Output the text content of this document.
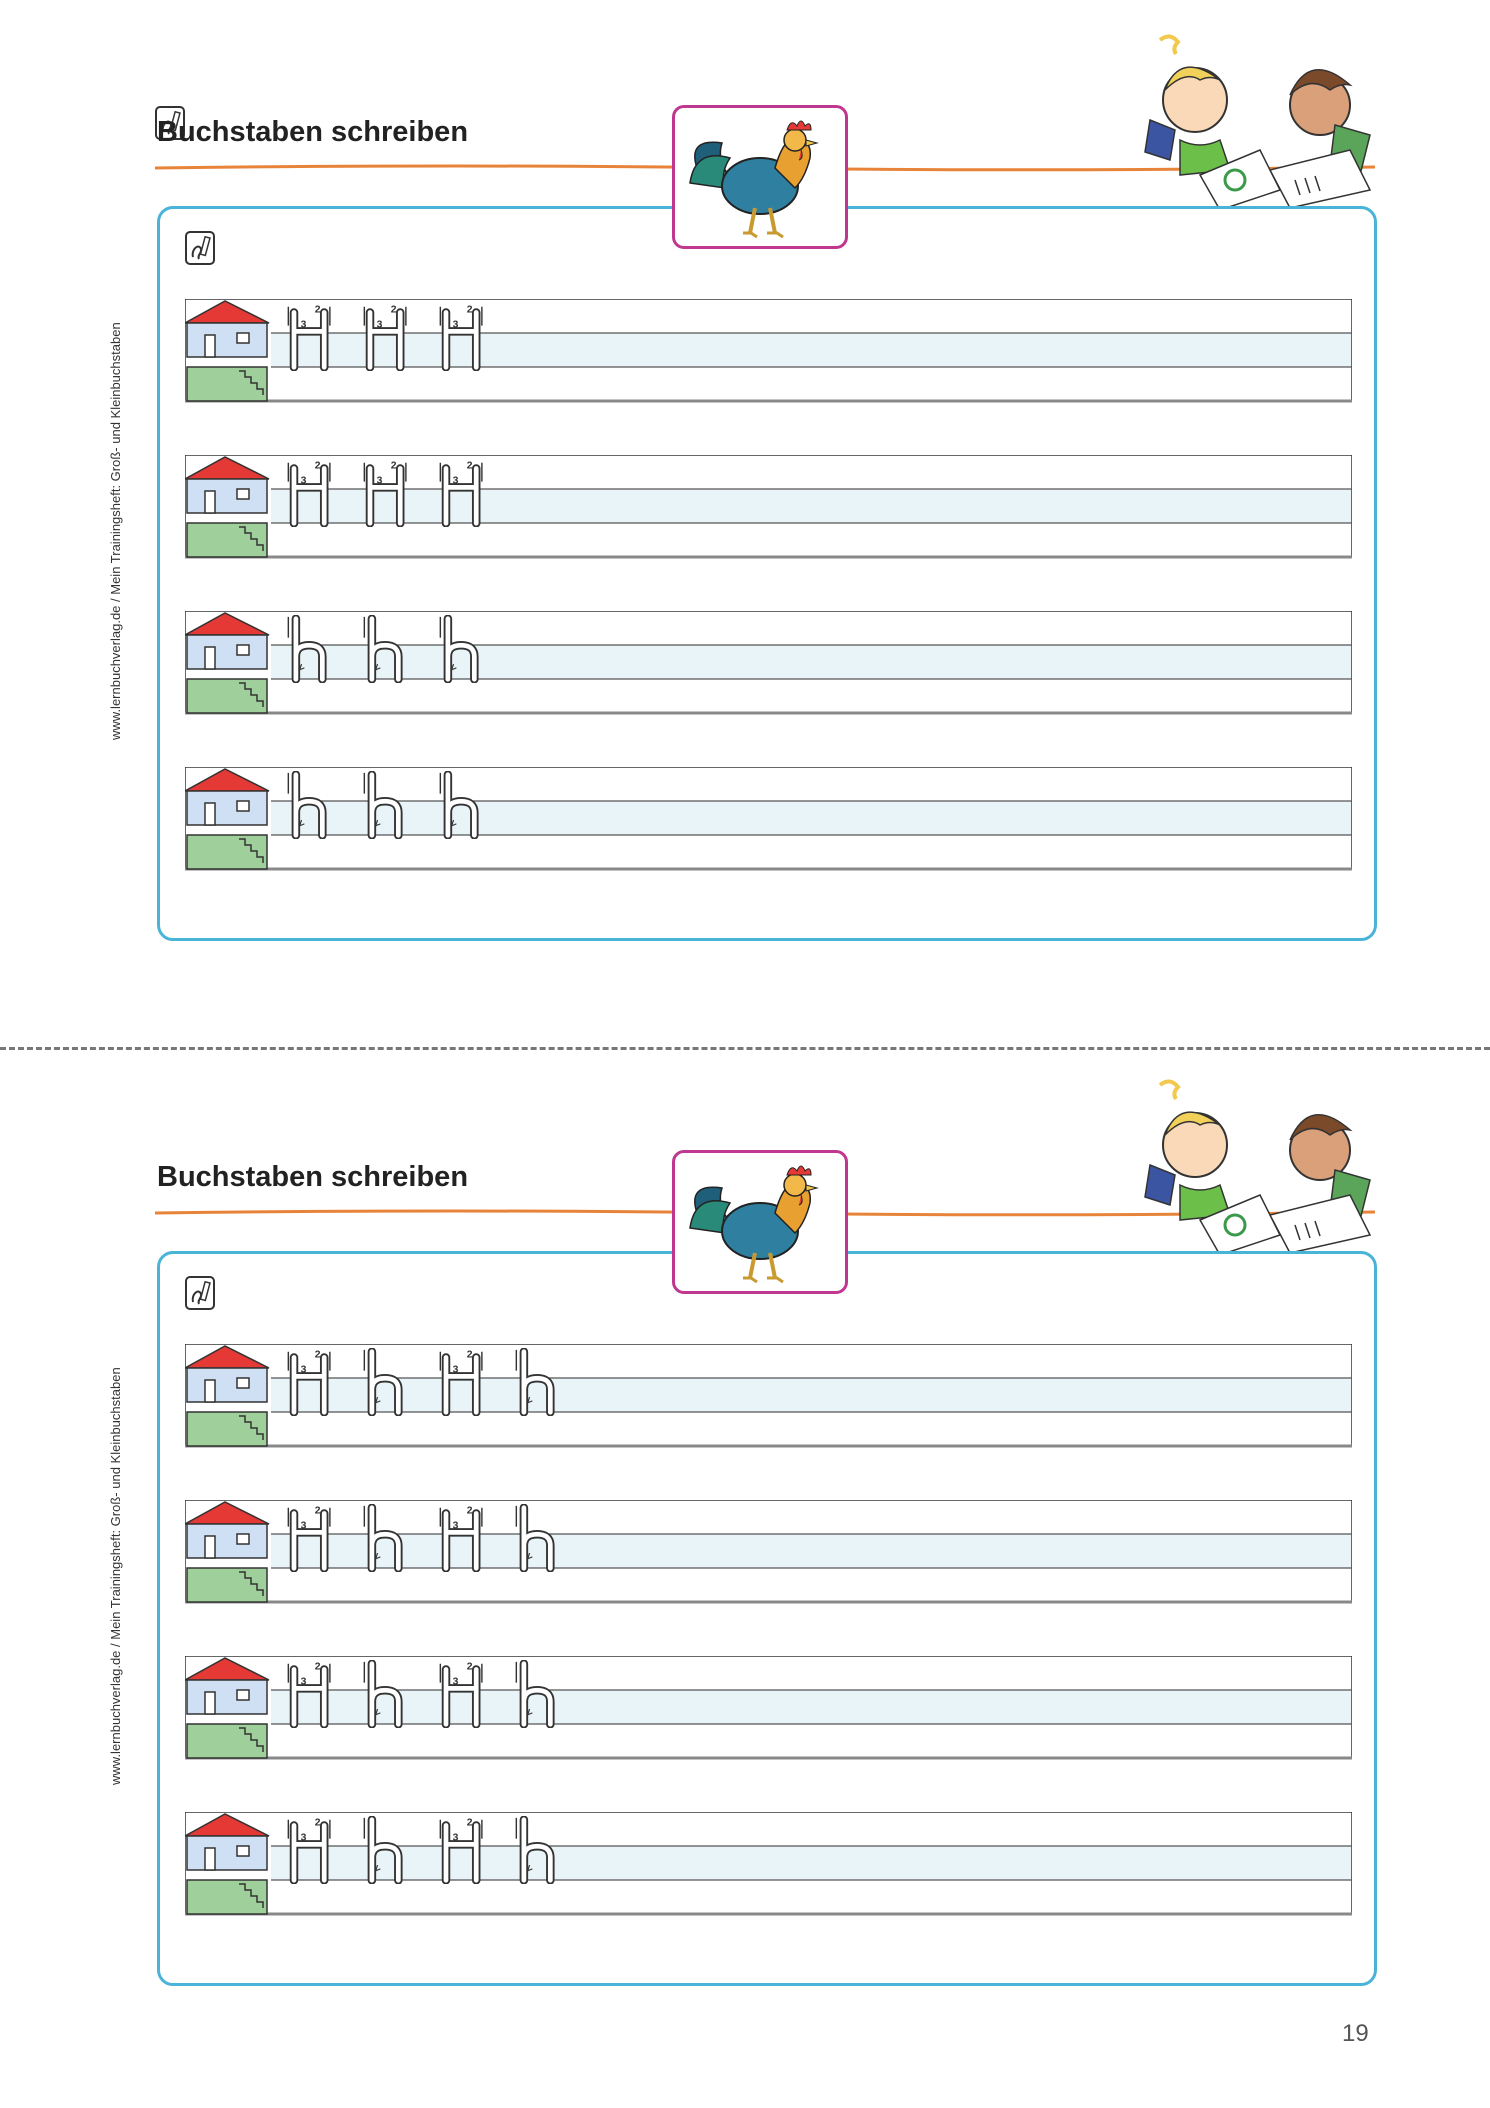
Buchstaben schreiben
3
2
3
2
3
2
3
2
3
2
3
2
www.lernbuchverlag.de / Mein Trainingsheft: Groß- und Kleinbuchstaben
Buchstaben schreiben
3
2
3
2
3
2
3
2
3
2
3
2
3
2
3
2
www.lernbuchverlag.de / Mein Trainingsheft: Groß- und Kleinbuchstaben
19
